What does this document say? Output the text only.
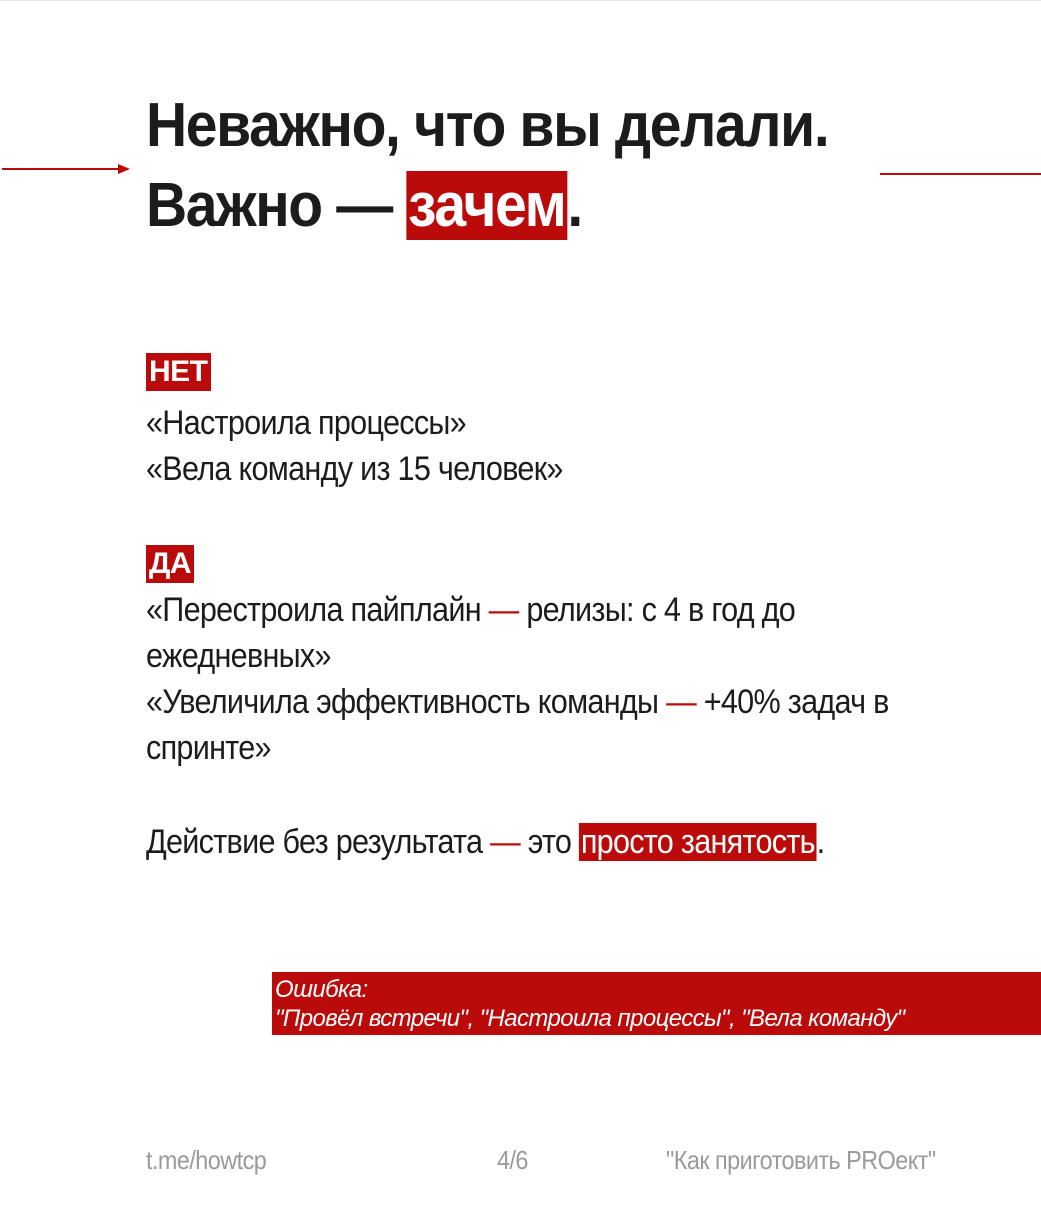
Неважно, что вы делали.
Важно — зачем.
НЕТ
«Настроила процессы»
«Вела команду из 15 человек»
ДА
«Перестроила пайплайн — релизы: с 4 в год до ежедневных»
«Увеличила эффективность команды — +40% задач в спринте»
Действие без результата — это просто занятость.
Ошибка:
"Провёл встречи", "Настроила процессы", "Вела команду"
t.me/howtcp	4/6	"Как приготовить PROект"
